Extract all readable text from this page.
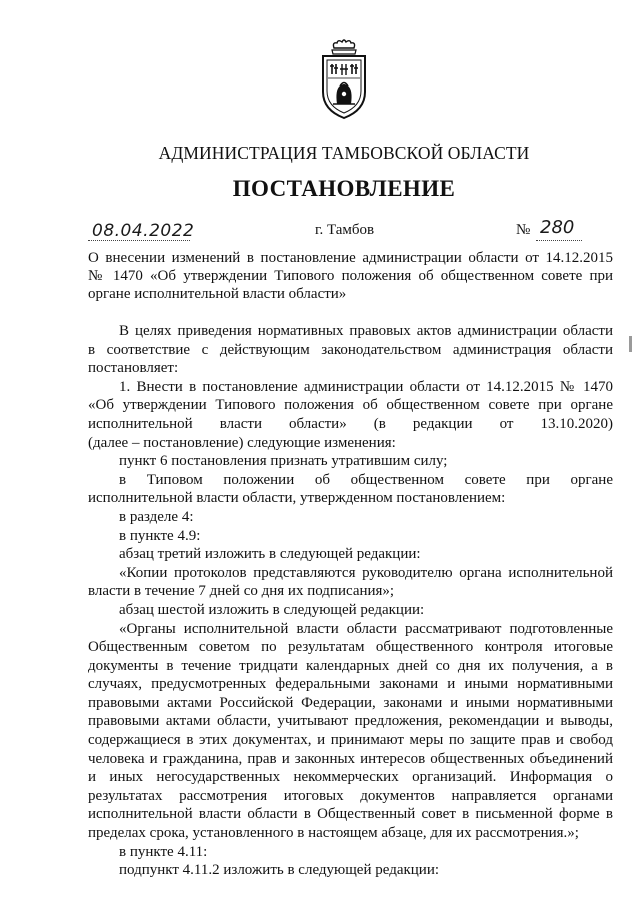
АДМИНИСТРАЦИЯ ТАМБОВСКОЙ ОБЛАСТИ
ПОСТАНОВЛЕНИЕ
08.04.2022	г. Тамбов	№ 280
О внесении изменений в постановление администрации области от 14.12.2015
№ 1470 «Об утверждении Типового положения об общественном совете при
органе исполнительной власти области»

В целях приведения нормативных правовых актов администрации области

в соответствие с действующим законодательством администрация области

постановляет:

1. Внести в постановление администрации области от 14.12.2015 № 1470

«Об утверждении Типового положения об общественном совете при органе

исполнительной власти области» (в редакции от 13.10.2020)

(далее – постановление) следующие изменения:

пункт 6 постановления признать утратившим силу;

в Типовом положении об общественном совете при органе

исполнительной власти области, утвержденном постановлением:

в разделе 4:

в пункте 4.9:

абзац третий изложить в следующей редакции:

«Копии протоколов представляются руководителю органа исполнительной

власти в течение 7 дней со дня их подписания»;

абзац шестой изложить в следующей редакции:

«Органы исполнительной власти области рассматривают подготовленные

Общественным советом по результатам общественного контроля итоговые

документы в течение тридцати календарных дней со дня их получения, а в

случаях, предусмотренных федеральными законами и иными нормативными

правовыми актами Российской Федерации, законами и иными нормативными

правовыми актами области, учитывают предложения, рекомендации и выводы,

содержащиеся в этих документах, и принимают меры по защите прав и свобод

человека и гражданина, прав и законных интересов общественных объединений

и иных негосударственных некоммерческих организаций. Информация о

результатах рассмотрения итоговых документов направляется органами

исполнительной власти области в Общественный совет в письменной форме в

пределах срока, установленного в настоящем абзаце, для их рассмотрения.»;

в пункте 4.11:

подпункт 4.11.2 изложить в следующей редакции:
